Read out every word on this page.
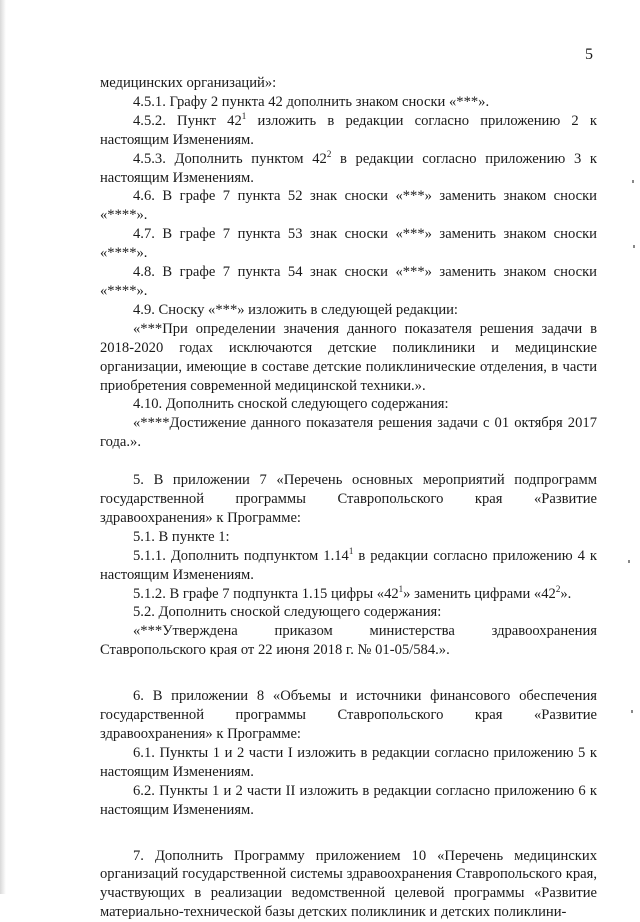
5

медицинских организаций»:

4.5.1. Графу 2 пункта 42 дополнить знаком сноски «***».

4.5.2. Пункт $42^1$ изложить в редакции согласно приложению 2 к настоящим Изменениям.

4.5.3. Дополнить пунктом $42^2$ в редакции согласно приложению 3 к настоящим Изменениям.

4.6. В графе 7 пункта 52 знак сноски «***» заменить знаком сноски «****».

4.7. В графе 7 пункта 53 знак сноски «***» заменить знаком сноски «****».

4.8. В графе 7 пункта 54 знак сноски «***» заменить знаком сноски «****».

4.9. Сноску «***» изложить в следующей редакции:

«***При определении значения данного показателя решения задачи в 2018-2020 годах исключаются детские поликлиники и медицинские организации, имеющие в составе детские поликлинические отделения, в части приобретения современной медицинской техники.».

4.10. Дополнить сноской следующего содержания:

«****Достижение данного показателя решения задачи с 01 октября 2017 года.».

5. В приложении 7 «Перечень основных мероприятий подпрограмм государственной программы Ставропольского края «Развитие здравоохранения» к Программе:

5.1. В пункте 1:

5.1.1. Дополнить подпунктом 1.14$^1$ в редакции согласно приложению 4 к настоящим Изменениям.

5.1.2. В графе 7 подпункта 1.15 цифры «$42^1$» заменить цифрами «$42^2$».

5.2. Дополнить сноской следующего содержания:

«***Утверждена приказом министерства здравоохранения Ставропольского края от 22 июня 2018 г. № 01-05/584.».

6. В приложении 8 «Объемы и источники финансового обеспечения государственной программы Ставропольского края «Развитие здравоохранения» к Программе:

6.1. Пункты 1 и 2 части I изложить в редакции согласно приложению 5 к настоящим Изменениям.

6.2. Пункты 1 и 2 части II изложить в редакции согласно приложению 6 к настоящим Изменениям.

7. Дополнить Программу приложением 10 «Перечень медицинских организаций государственной системы здравоохранения Ставропольского края, участвующих в реализации ведомственной целевой программы «Развитие материально-технической базы детских поликлиник и детских поликлини-
